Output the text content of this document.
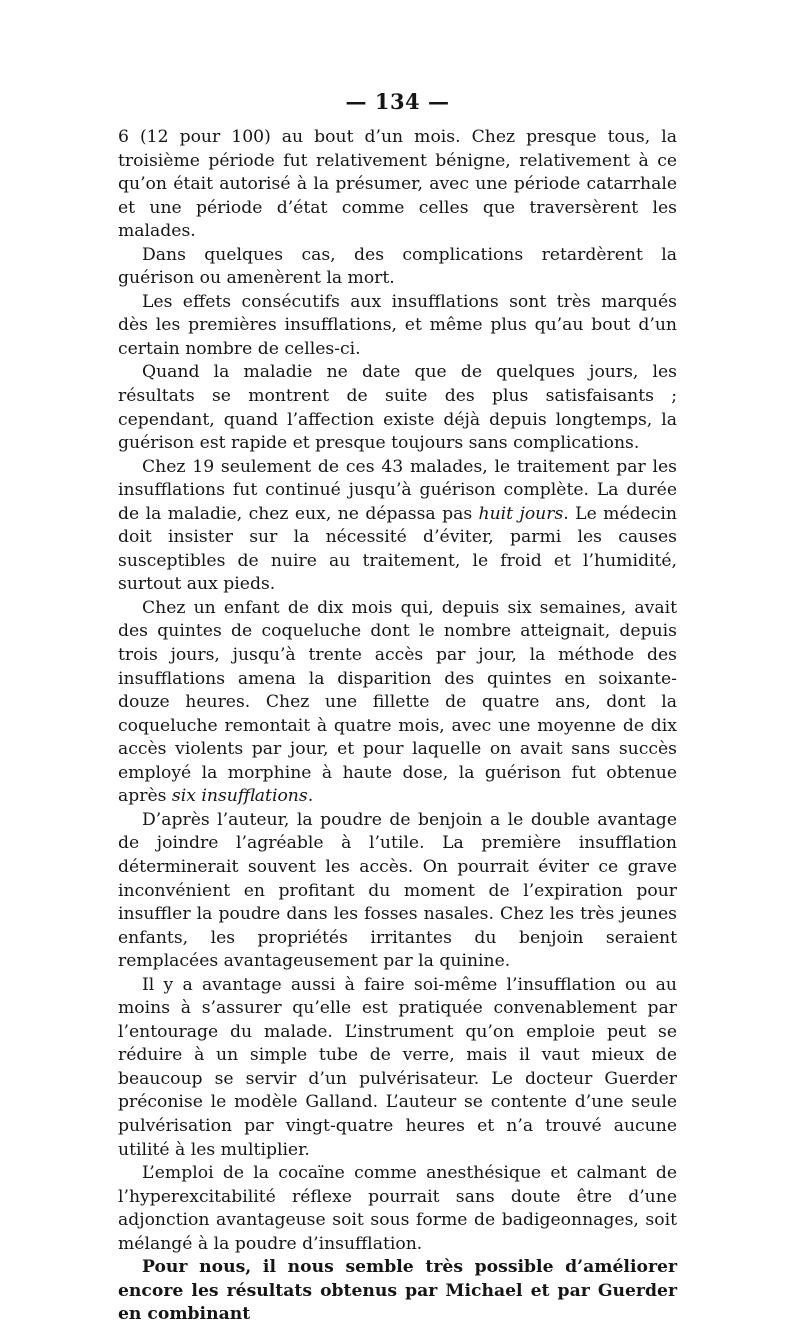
— 134 —

6 (12 pour 100) au bout d’un mois. Chez presque tous, la troisième période fut relativement bénigne, relativement à ce qu’on était autorisé à la présumer, avec une période catarrhale et une période d’état comme celles que traversèrent les malades.

Dans quelques cas, des complications retardèrent la guérison ou amenèrent la mort.

Les effets consécutifs aux insufflations sont très marqués dès les premières insufflations, et même plus qu’au bout d’un certain nombre de celles-ci.

Quand la maladie ne date que de quelques jours, les résultats se montrent de suite des plus satisfaisants ; cependant, quand l’affection existe déjà depuis longtemps, la guérison est rapide et presque toujours sans complications.

Chez 19 seulement de ces 43 malades, le traitement par les insufflations fut continué jusqu’à guérison complète. La durée de la maladie, chez eux, ne dépassa pas huit jours. Le médecin doit insister sur la nécessité d’éviter, parmi les causes susceptibles de nuire au traitement, le froid et l’humidité, surtout aux pieds.

Chez un enfant de dix mois qui, depuis six semaines, avait des quintes de coqueluche dont le nombre atteignait, depuis trois jours, jusqu’à trente accès par jour, la méthode des insufflations amena la disparition des quintes en soixante-douze heures. Chez une fillette de quatre ans, dont la coqueluche remontait à quatre mois, avec une moyenne de dix accès violents par jour, et pour laquelle on avait sans succès employé la morphine à haute dose, la guérison fut obtenue après six insufflations.

D’après l’auteur, la poudre de benjoin a le double avantage de joindre l’agréable à l’utile. La première insufflation déterminerait souvent les accès. On pourrait éviter ce grave inconvénient en profitant du moment de l’expiration pour insuffler la poudre dans les fosses nasales. Chez les très jeunes enfants, les propriétés irritantes du benjoin seraient remplacées avantageusement par la quinine.

Il y a avantage aussi à faire soi-même l’insufflation ou au moins à s’assurer qu’elle est pratiquée convenablement par l’entourage du malade. L’instrument qu’on emploie peut se réduire à un simple tube de verre, mais il vaut mieux de beaucoup se servir d’un pulvérisateur. Le docteur Guerder préconise le modèle Galland. L’auteur se contente d’une seule pulvérisation par vingt-quatre heures et n’a trouvé aucune utilité à les multiplier.

L’emploi de la cocaïne comme anesthésique et calmant de l’hyperexcitabilité réflexe pourrait sans doute être d’une adjonction avantageuse soit sous forme de badigeonnages, soit mélangé à la poudre d’insufflation.

Pour nous, il nous semble très possible d’améliorer encore les résultats obtenus par Michael et par Guerder en combinant
